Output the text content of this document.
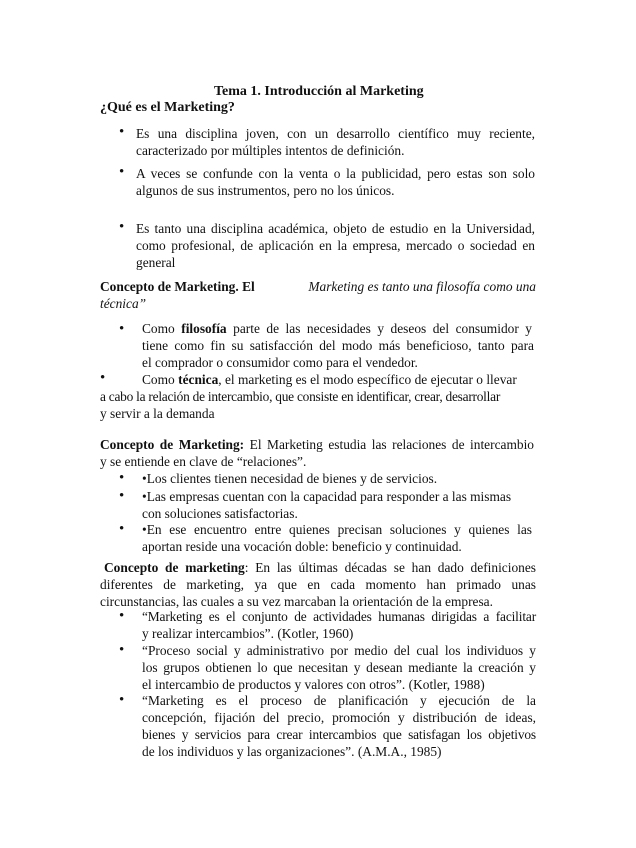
Tema 1. Introducción al Marketing
¿Qué es el Marketing?
• Es una disciplina joven, con un desarrollo científico muy reciente,
caracterizado por múltiples intentos de definición.
• A veces se confunde con la venta o la publicidad, pero estas son solo
algunos de sus instrumentos, pero no los únicos.
• Es tanto una disciplina académica, objeto de estudio en la Universidad,
como profesional, de aplicación en la empresa, mercado o sociedad en
general
Concepto de Marketing. El	Marketing es tanto una filosofía como una
técnica”
• Como filosofía parte de las necesidades y deseos del consumidor y
tiene como fin su satisfacción del modo más beneficioso, tanto para
el comprador o consumidor como para el vendedor.
•	Como técnica, el marketing es el modo específico de ejecutar o llevar
a cabo la relación de intercambio, que consiste en identificar, crear, desarrollar
y servir a la demanda
Concepto de Marketing: El Marketing estudia las relaciones de intercambio
y se entiende en clave de “relaciones”.
• •Los clientes tienen necesidad de bienes y de servicios.
• •Las empresas cuentan con la capacidad para responder a las mismas
con soluciones satisfactorias.
• •En ese encuentro entre quienes precisan soluciones y quienes las
aportan reside una vocación doble: beneficio y continuidad.
Concepto de marketing: En las últimas décadas se han dado definiciones
diferentes de marketing, ya que en cada momento han primado unas
circunstancias, las cuales a su vez marcaban la orientación de la empresa.
• “Marketing es el conjunto de actividades humanas dirigidas a facilitar
y realizar intercambios”. (Kotler, 1960)
• “Proceso social y administrativo por medio del cual los individuos y
los grupos obtienen lo que necesitan y desean mediante la creación y
el intercambio de productos y valores con otros”. (Kotler, 1988)
• “Marketing es el proceso de planificación y ejecución de la
concepción, fijación del precio, promoción y distribución de ideas,
bienes y servicios para crear intercambios que satisfagan los objetivos
de los individuos y las organizaciones”. (A.M.A., 1985)
